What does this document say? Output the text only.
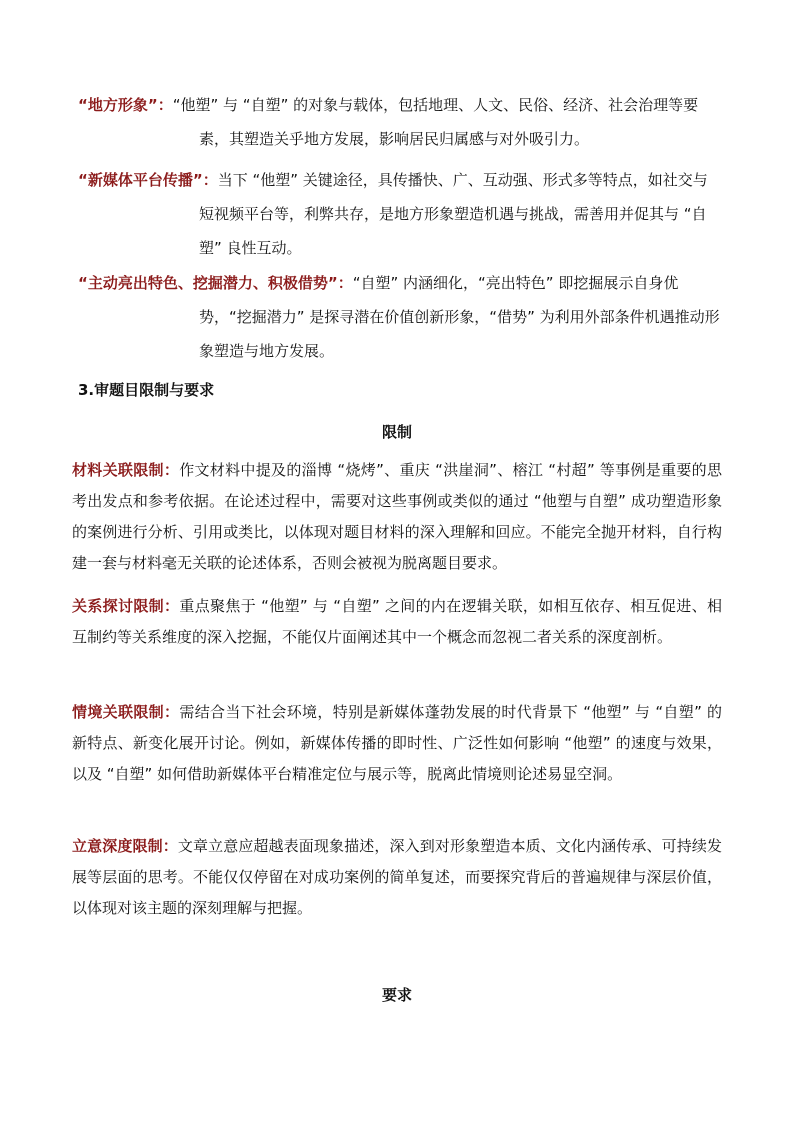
“地方形象”：“他塑” 与 “自塑” 的对象与载体，包括地理、人文、民俗、经济、社会治理等要素，其塑造关乎地方发展，影响居民归属感与对外吸引力。
“新媒体平台传播”：当下 “他塑” 关键途径，具传播快、广、互动强、形式多等特点，如社交与短视频平台等，利弊共存，是地方形象塑造机遇与挑战，需善用并促其与 “自塑” 良性互动。
“主动亮出特色、挖掘潜力、积极借势”：“自塑” 内涵细化，“亮出特色” 即挖掘展示自身优势，“挖掘潜力” 是探寻潜在价值创新形象，“借势” 为利用外部条件机遇推动形象塑造与地方发展。
3.审题目限制与要求
限制
材料关联限制：作文材料中提及的淄博 “烧烤”、重庆 “洪崖洞”、榕江 “村超” 等事例是重要的思考出发点和参考依据。在论述过程中，需要对这些事例或类似的通过 “他塑与自塑” 成功塑造形象的案例进行分析、引用或类比，以体现对题目材料的深入理解和回应。不能完全抛开材料，自行构建一套与材料毫无关联的论述体系，否则会被视为脱离题目要求。
关系探讨限制：重点聚焦于 “他塑” 与 “自塑” 之间的内在逻辑关联，如相互依存、相互促进、相互制约等关系维度的深入挖掘，不能仅片面阐述其中一个概念而忽视二者关系的深度剖析。
情境关联限制：需结合当下社会环境，特别是新媒体蓬勃发展的时代背景下 “他塑” 与 “自塑” 的新特点、新变化展开讨论。例如，新媒体传播的即时性、广泛性如何影响 “他塑” 的速度与效果，以及 “自塑” 如何借助新媒体平台精准定位与展示等，脱离此情境则论述易显空洞。
立意深度限制：文章立意应超越表面现象描述，深入到对形象塑造本质、文化内涵传承、可持续发展等层面的思考。不能仅仅停留在对成功案例的简单复述，而要探究背后的普遍规律与深层价值，以体现对该主题的深刻理解与把握。
要求
